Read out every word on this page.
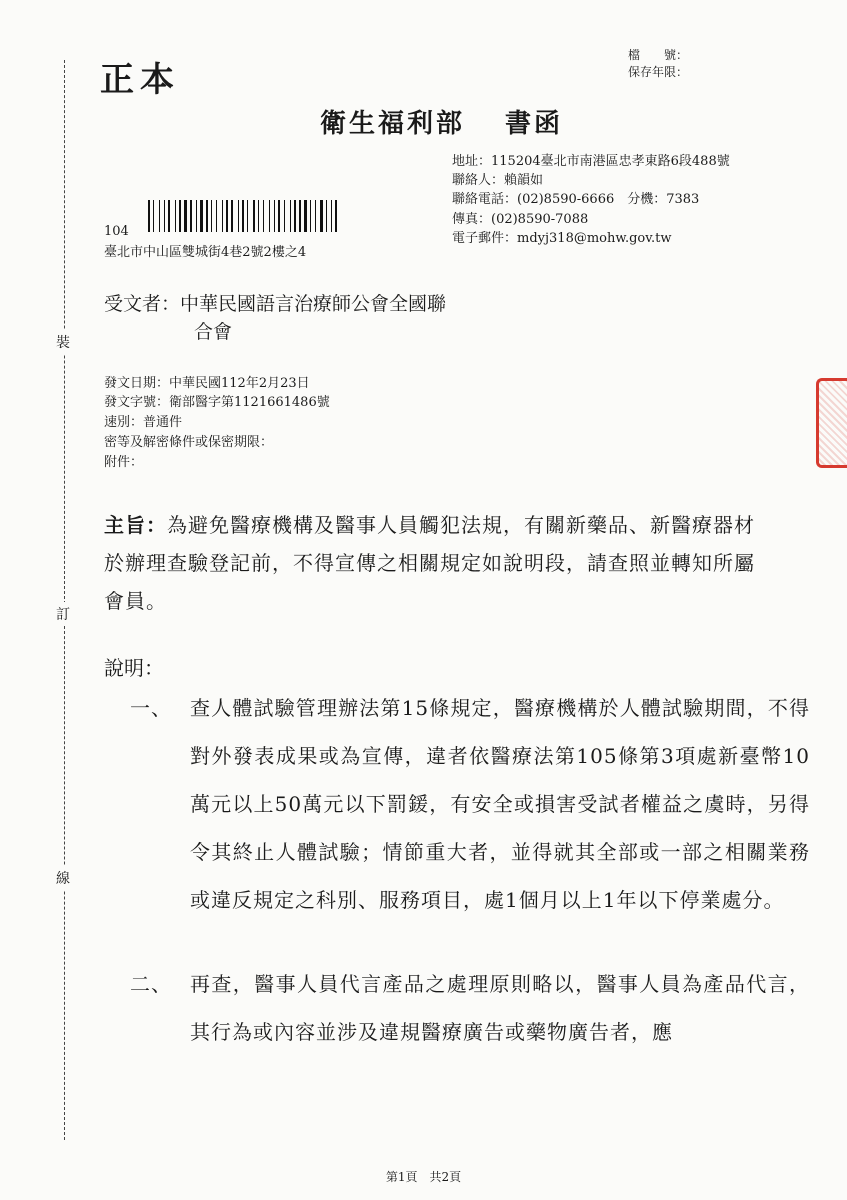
裝
訂
線
正本
檔　　號：
保存年限：
衛生福利部 書函
地址：115204臺北市南港區忠孝東路6段488號
聯絡人：賴韻如
聯絡電話：(02)8590-6666　分機：7383
傳真：(02)8590-7088
電子郵件：mdyj318@mohw.gov.tw
104
臺北市中山區雙城街4巷2號2樓之4
受文者：中華民國語言治療師公會全國聯
合會
發文日期：中華民國112年2月23日
發文字號：衛部醫字第1121661486號
速別：普通件
密等及解密條件或保密期限：
附件：
主旨：為避免醫療機構及醫事人員觸犯法規，有關新藥品、新醫療器材於辦理查驗登記前，不得宣傳之相關規定如說明段，請查照並轉知所屬會員。
說明：
一、 查人體試驗管理辦法第15條規定，醫療機構於人體試驗期間，不得對外發表成果或為宣傳，違者依醫療法第105條第3項處新臺幣10萬元以上50萬元以下罰鍰，有安全或損害受試者權益之虞時，另得令其終止人體試驗；情節重大者，並得就其全部或一部之相關業務或違反規定之科別、服務項目，處1個月以上1年以下停業處分。
二、 再查，醫事人員代言產品之處理原則略以，醫事人員為產品代言，其行為或內容並涉及違規醫療廣告或藥物廣告者，應
第1頁 共2頁
